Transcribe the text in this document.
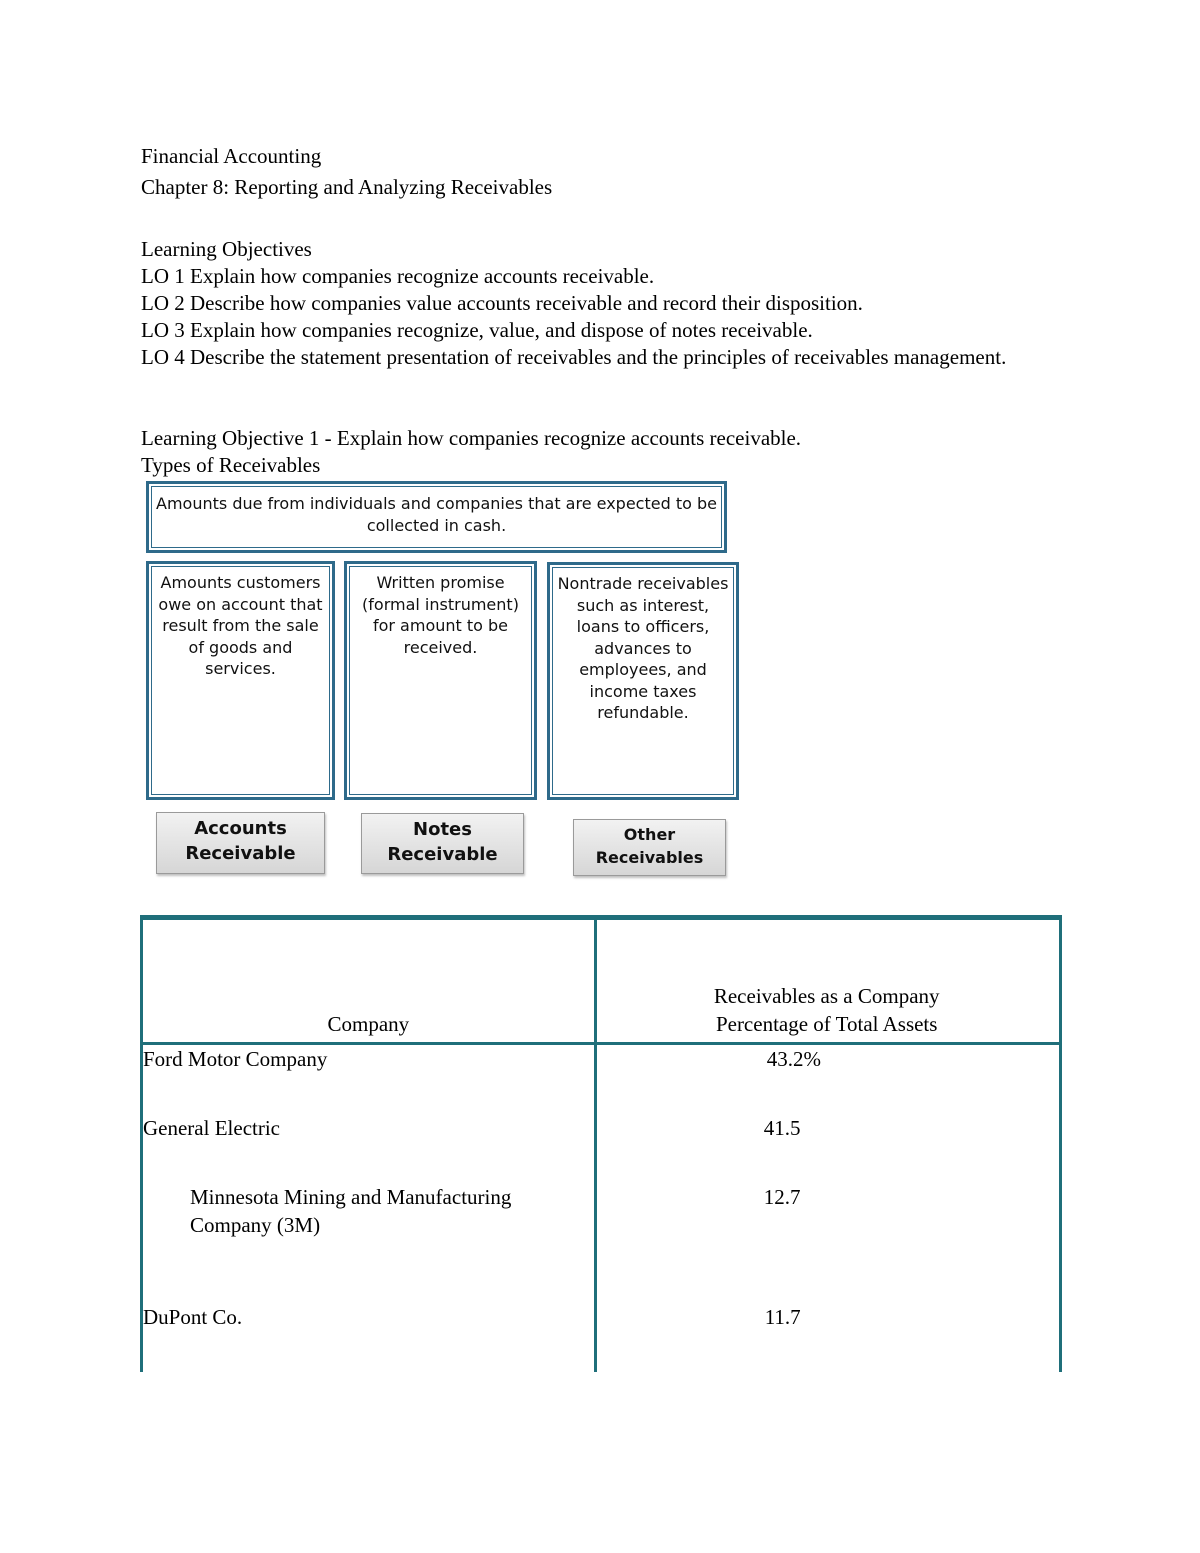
Financial Accounting
Chapter 8: Reporting and Analyzing Receivables
Learning Objectives
LO 1 Explain how companies recognize accounts receivable.
LO 2 Describe how companies value accounts receivable and record their disposition.
LO 3 Explain how companies recognize, value, and dispose of notes receivable.
LO 4 Describe the statement presentation of receivables and the principles of receivables management.
Learning Objective 1 - Explain how companies recognize accounts receivable.
Types of Receivables
Amounts due from individuals and companies that are expected to be collected in cash.
Amounts customers owe on account that result from the sale of goods and services.
Written promise (formal instrument) for amount to be received.
Nontrade receivables such as interest, loans to officers, advances to employees, and income taxes refundable.
Accounts Receivable
Notes Receivable
Other Receivables
Company	Receivables as a Company Percentage of Total Assets

Ford Motor Company	43.2%
General Electric	41.5

Minnesota Mining and Manufacturing Company (3M)	12.7
DuPont Co.	11.7
